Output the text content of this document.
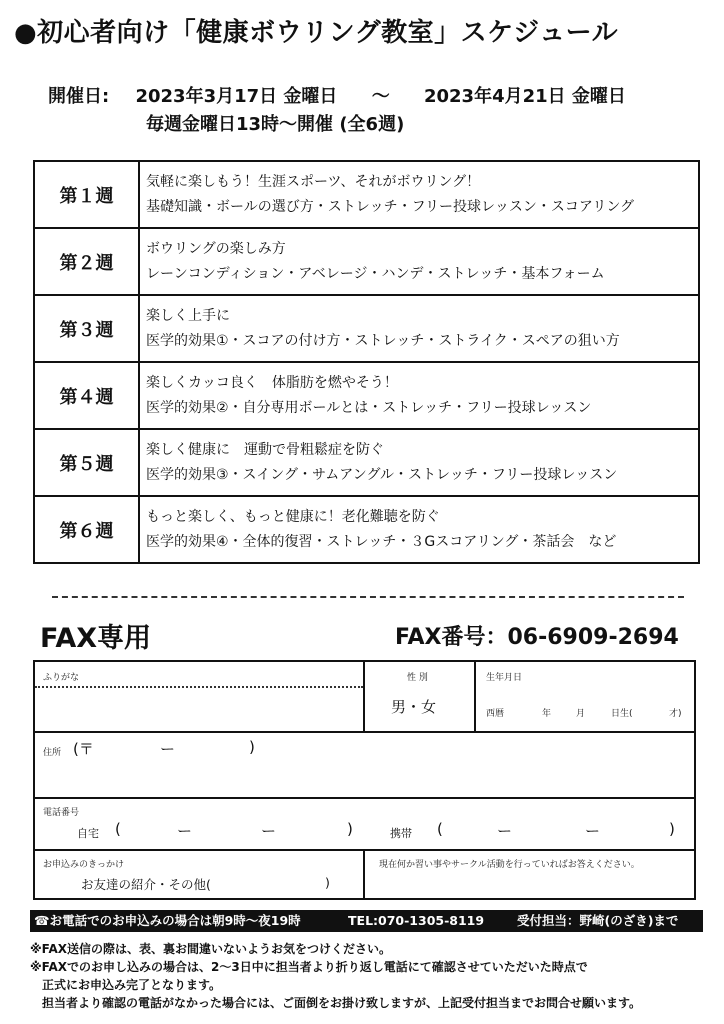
●初心者向け「健康ボウリング教室」スケジュール
開催日: 2023年3月17日 金曜日 〜 2023年4月21日 金曜日
毎週金曜日13時〜開催 (全6週)
第１週	気軽に楽しもう！生涯スポーツ、それがボウリング！
基礎知識・ボールの選び方・ストレッチ・フリー投球レッスン・スコアリング

第２週	ボウリングの楽しみ方
レーンコンディション・アベレージ・ハンデ・ストレッチ・基本フォーム

第３週	楽しく上手に
医学的効果①・スコアの付け方・ストレッチ・ストライク・スペアの狙い方

第４週	楽しくカッコ良く　体脂肪を燃やそう！
医学的効果②・自分専用ボールとは・ストレッチ・フリー投球レッスン

第５週	楽しく健康に　運動で骨粗鬆症を防ぐ
医学的効果③・スイング・サムアングル・ストレッチ・フリー投球レッスン

第６週	もっと楽しく、もっと健康に！老化難聴を防ぐ
医学的効果④・全体的復習・ストレッチ・３Gスコアリング・茶話会　など
FAX専用	FAX番号：06-6909-2694
ふりがな	性 別
男・女
生年月日
西暦	年	月	日生(	才)
住所 (〒	ー	)
電話番号
自宅 (	ー	ー	)	携帯 (	ー	ー	)
お申込みのきっかけ
お友達の紹介・その他(	)
現在何か習い事やサークル活動を行っていればお答えください。
☎お電話でのお申込みの場合は朝9時〜夜19時	TEL:070-1305-8119	受付担当：野崎(のざき)まで
※FAX送信の際は、表、裏お間違いないようお気をつけください。
※FAXでのお申し込みの場合は、2〜3日中に担当者より折り返し電話にて確認させていただいた時点で
　正式にお申込み完了となります。
　担当者より確認の電話がなかった場合には、ご面倒をお掛け致しますが、上記受付担当までお問合せ願います。
